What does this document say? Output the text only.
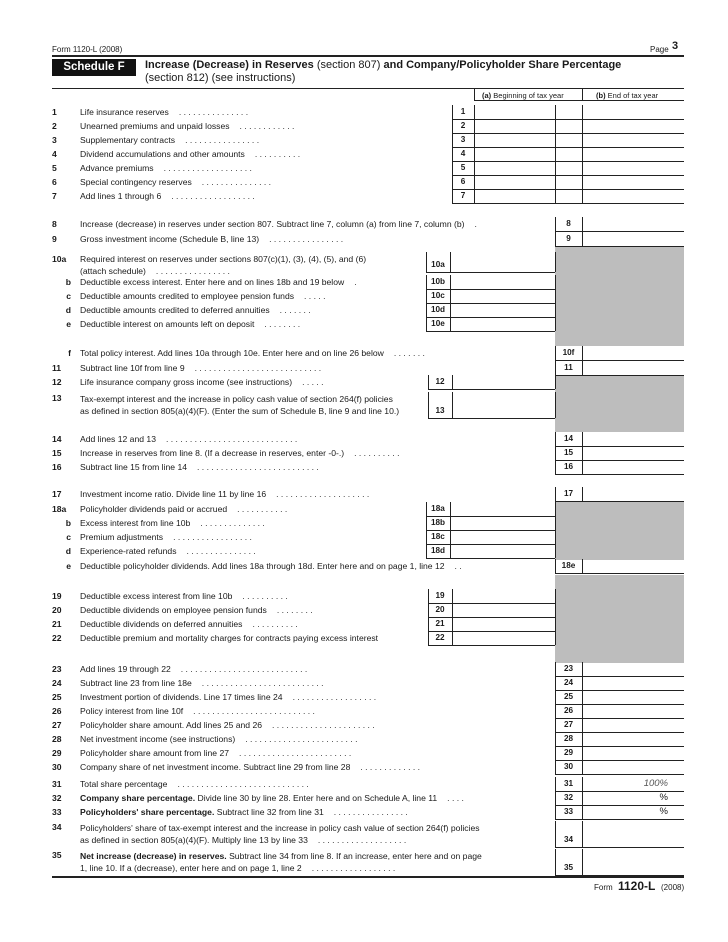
Form 1120-L (2008)	Page 3
Schedule F	Increase (Decrease) in Reserves (section 807) and Company/Policyholder Share Percentage
(section 812) (see instructions)
(a) Beginning of tax year	(b) End of tax year
1	Life insurance reserves . . . . . . . . . . . . . . .	1
2	Unearned premiums and unpaid losses . . . . . . . . . . . .	2
3	Supplementary contracts . . . . . . . . . . . . . . . .	3
4	Dividend accumulations and other amounts . . . . . . . . . .	4
5	Advance premiums . . . . . . . . . . . . . . . . . . .	5
6	Special contingency reserves . . . . . . . . . . . . . . .	6
7	Add lines 1 through 6 . . . . . . . . . . . . . . . . . .	7
8	Increase (decrease) in reserves under section 807. Subtract line 7, column (a) from line 7, column (b) .	8
9	Gross investment income (Schedule B, line 13) . . . . . . . . . . . . . . . .	9
10a	Required interest on reserves under sections 807(c)(1), (3), (4), (5), and (6)
(attach schedule) . . . . . . . . . . . . . . . .
10a
b Deductible excess interest. Enter here and on lines 18b and 19 below .	10b
c Deductible amounts credited to employee pension funds . . . . .	10c
d Deductible amounts credited to deferred annuities . . . . . . .	10d
e Deductible interest on amounts left on deposit . . . . . . . .	10e
f Total policy interest. Add lines 10a through 10e. Enter here and on line 26 below . . . . . . .	10f
11	Subtract line 10f from line 9 . . . . . . . . . . . . . . . . . . . . . . . . . . .	11
12	Life insurance company gross income (see instructions) . . . . .	12
13	Tax-exempt interest and the increase in policy cash value of section 264(f) policies
as defined in section 805(a)(4)(F). (Enter the sum of Schedule B, line 9 and line 10.)	13
14	Add lines 12 and 13 . . . . . . . . . . . . . . . . . . . . . . . . . . . .	14
15	Increase in reserves from line 8. (If a decrease in reserves, enter -0-.) . . . . . . . . . .	15
16	Subtract line 15 from line 14 . . . . . . . . . . . . . . . . . . . . . . . . . .	16
17	Investment income ratio. Divide line 11 by line 16 . . . . . . . . . . . . . . . . . . . .	17
18a	Policyholder dividends paid or accrued . . . . . . . . . . .	18a
b Excess interest from line 10b . . . . . . . . . . . . . .	18b
c Premium adjustments . . . . . . . . . . . . . . . . .	18c
d Experience-rated refunds . . . . . . . . . . . . . . .	18d
e Deductible policyholder dividends. Add lines 18a through 18d. Enter here and on page 1, line 12 . .	18e
19	Deductible excess interest from line 10b . . . . . . . . . .	19
20	Deductible dividends on employee pension funds . . . . . . . .	20
21	Deductible dividends on deferred annuities . . . . . . . . . .	21
22	Deductible premium and mortality charges for contracts paying excess interest	22
23	Add lines 19 through 22 . . . . . . . . . . . . . . . . . . . . . . . . . . .	23
24	Subtract line 23 from line 18e . . . . . . . . . . . . . . . . . . . . . . . . . .	24
25	Investment portion of dividends. Line 17 times line 24 . . . . . . . . . . . . . . . . . .	25
26	Policy interest from line 10f . . . . . . . . . . . . . . . . . . . . . . . . . .	26
27	Policyholder share amount. Add lines 25 and 26 . . . . . . . . . . . . . . . . . . . . . .	27
28	Net investment income (see instructions) . . . . . . . . . . . . . . . . . . . . . . . .	28
29	Policyholder share amount from line 27 . . . . . . . . . . . . . . . . . . . . . . . .	29
30	Company share of net investment income. Subtract line 29 from line 28 . . . . . . . . . . . . .	30
31	Total share percentage . . . . . . . . . . . . . . . . . . . . . . . . . . . .	31	100%
32	Company share percentage. Divide line 30 by line 28. Enter here and on Schedule A, line 11 . . . .	32	%
33	Policyholders' share percentage. Subtract line 32 from line 31 . . . . . . . . . . . . . . . .	33	%
34	Policyholders' share of tax-exempt interest and the increase in policy cash value of section 264(f) policies
as defined in section 805(a)(4)(F). Multiply line 13 by line 33 . . . . . . . . . . . . . . . . . . .	34
35	Net increase (decrease) in reserves. Subtract line 34 from line 8. If an increase, enter here and on page
1, line 10. If a (decrease), enter here and on page 1, line 2 . . . . . . . . . . . . . . . . . .	35
Form 1120-L (2008)
